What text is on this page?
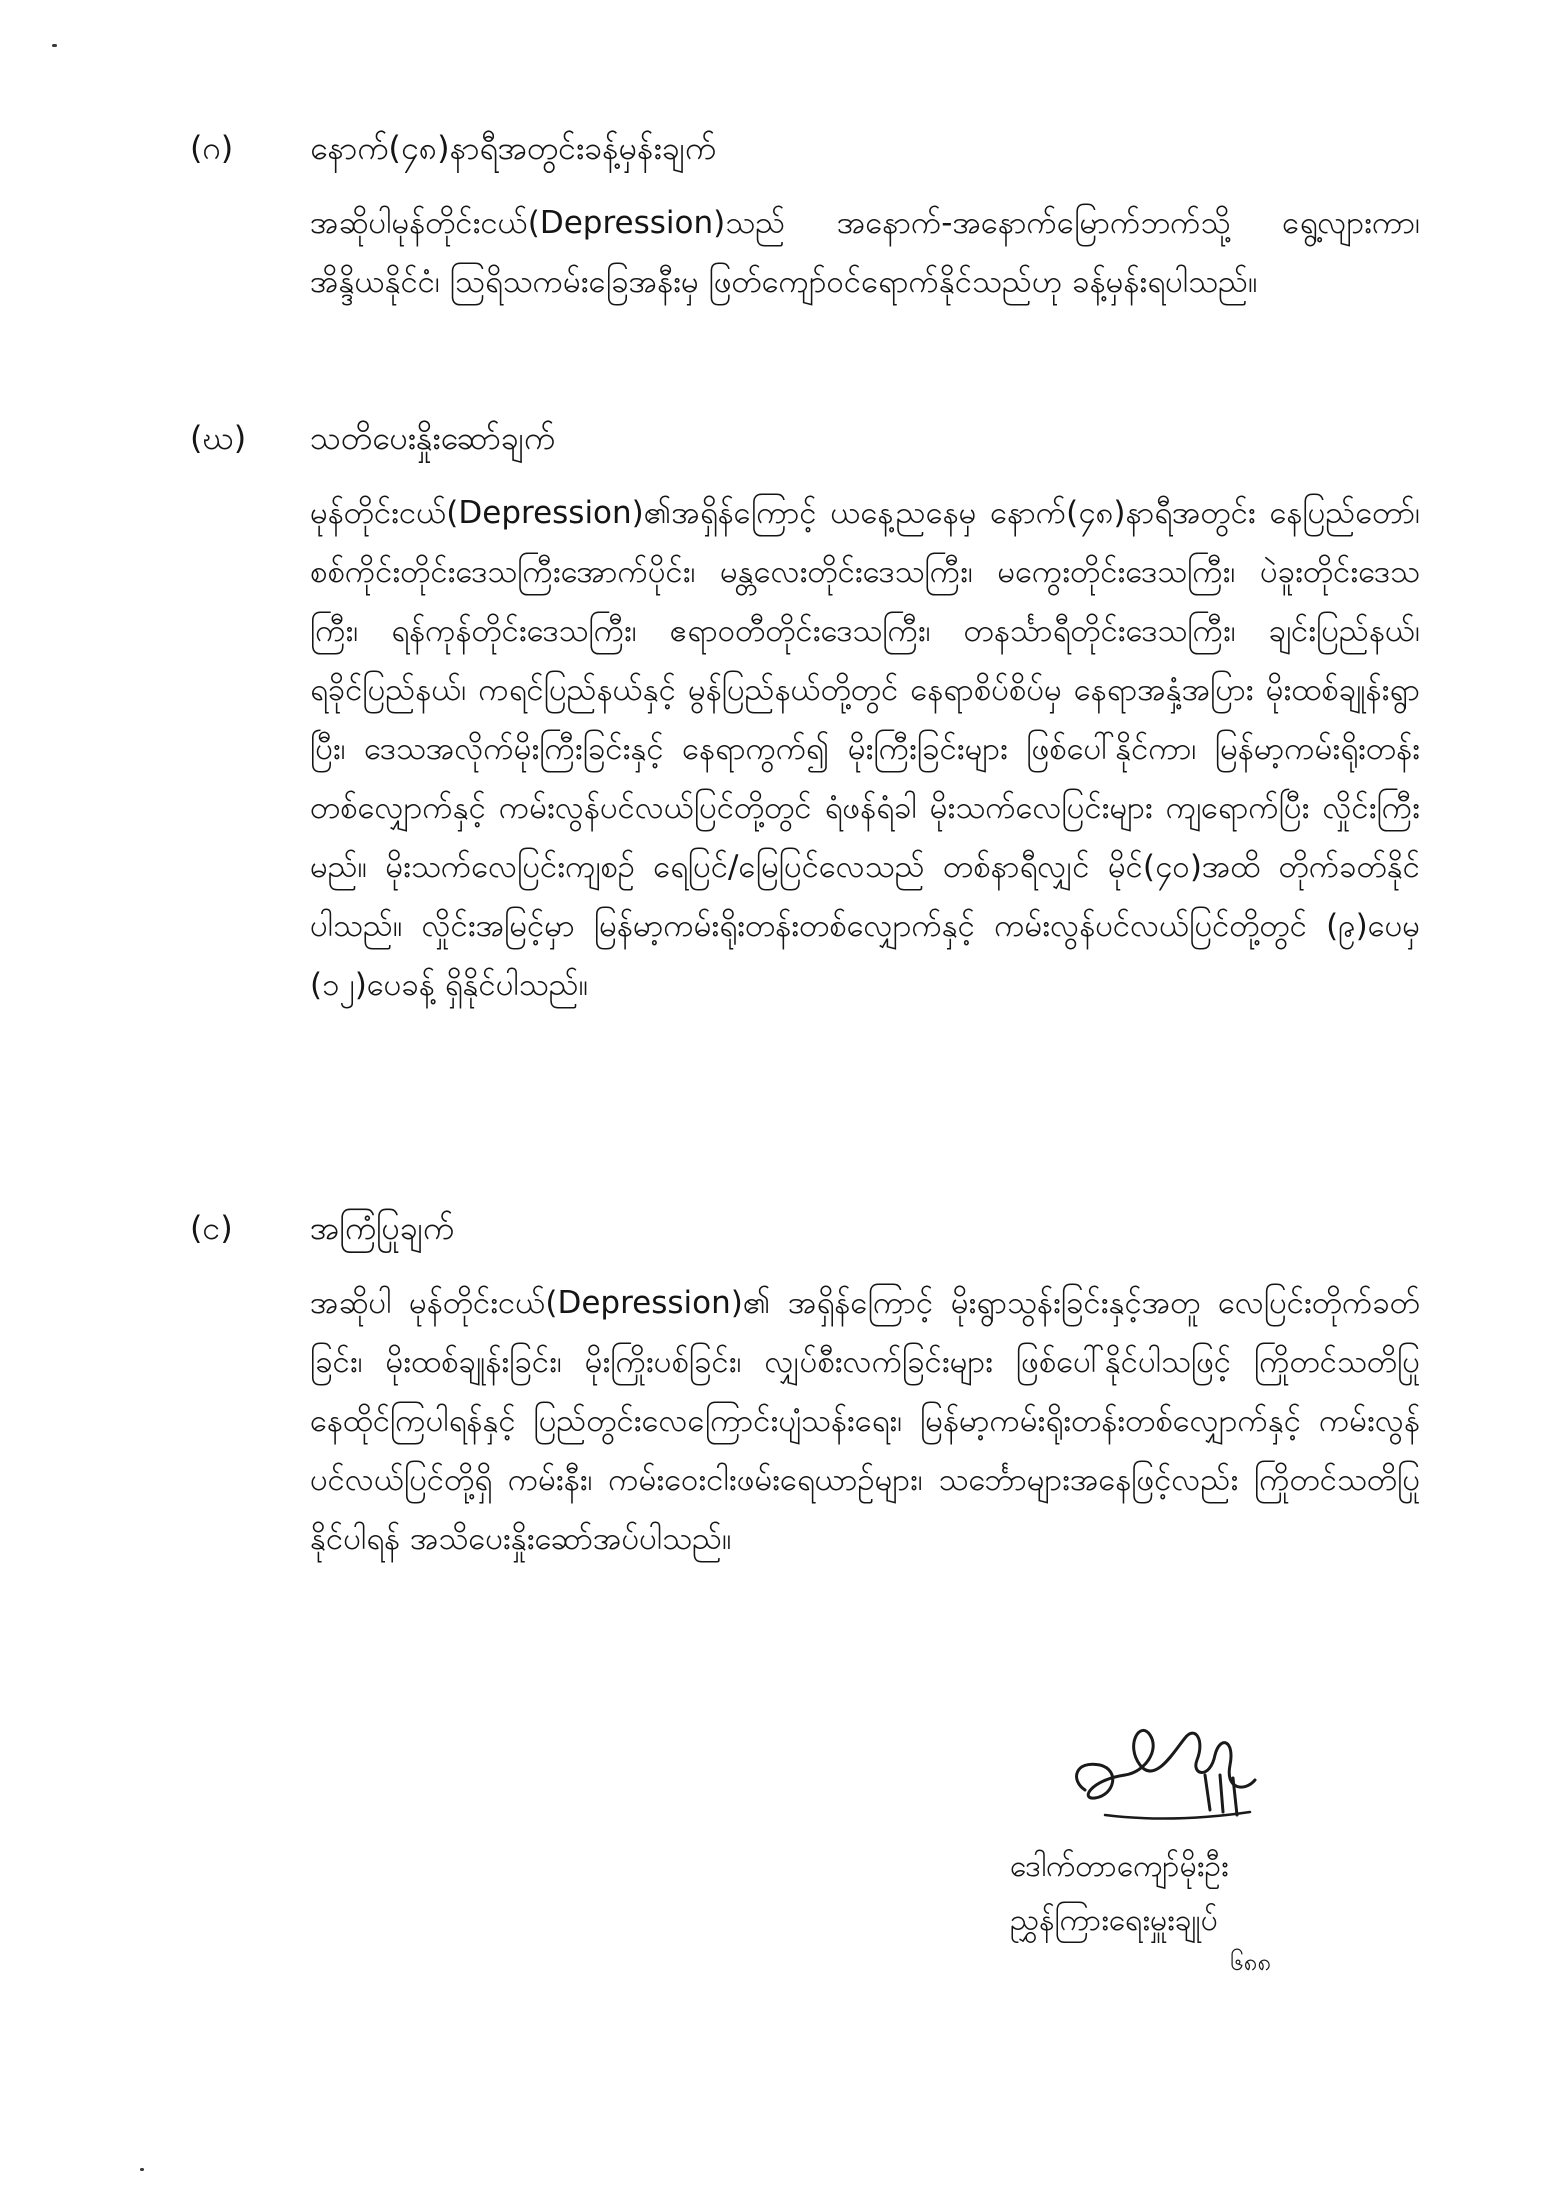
(ဂ)	နောက်(၄၈)နာရီအတွင်းခန့်မှန်းချက်
အဆိုပါမုန်တိုင်းငယ်(Depression)သည် အနောက်-အနောက်မြောက်ဘက်သို့ ရွေ့လျားကာ၊ အိန္ဒိယနိုင်ငံ၊ ဩရိသကမ်းခြေအနီးမှ ဖြတ်ကျော်ဝင်ရောက်နိုင်သည်ဟု ခန့်မှန်းရပါသည်။
(ဃ)	သတိပေးနှိုးဆော်ချက်
မုန်တိုင်းငယ်(Depression)၏အရှိန်ကြောင့် ယနေ့ညနေမှ နောက်(၄၈)နာရီအတွင်း နေပြည်တော်၊ စစ်ကိုင်းတိုင်းဒေသကြီးအောက်ပိုင်း၊ မန္တလေးတိုင်းဒေသကြီး၊ မကွေးတိုင်းဒေသကြီး၊ ပဲခူးတိုင်းဒေသကြီး၊ ရန်ကုန်တိုင်းဒေသကြီး၊ ဧရာဝတီတိုင်းဒေသကြီး၊ တနင်္သာရီတိုင်းဒေသကြီး၊ ချင်းပြည်နယ်၊ ရခိုင်ပြည်နယ်၊ ကရင်ပြည်နယ်နှင့် မွန်ပြည်နယ်တို့တွင် နေရာစိပ်စိပ်မှ နေရာအနှံ့အပြား မိုးထစ်ချုန်းရွာပြီး၊ ဒေသအလိုက်မိုးကြီးခြင်းနှင့် နေရာကွက်၍ မိုးကြီးခြင်းများ ဖြစ်ပေါ်နိုင်ကာ၊ မြန်မာ့ကမ်းရိုးတန်းတစ်လျှောက်နှင့် ကမ်းလွန်ပင်လယ်ပြင်တို့တွင် ရံဖန်ရံခါ မိုးသက်လေပြင်းများ ကျရောက်ပြီး လှိုင်းကြီးမည်။ မိုးသက်လေပြင်းကျစဉ် ရေပြင်/မြေပြင်လေသည် တစ်နာရီလျှင် မိုင်(၄၀)အထိ တိုက်ခတ်နိုင်ပါသည်။ လှိုင်းအမြင့်မှာ မြန်မာ့ကမ်းရိုးတန်းတစ်လျှောက်နှင့် ကမ်းလွန်ပင်လယ်ပြင်တို့တွင် (၉)ပေမှ (၁၂)ပေခန့် ရှိနိုင်ပါသည်။
(င)	အကြံပြုချက်
အဆိုပါ မုန်တိုင်းငယ်(Depression)၏ အရှိန်ကြောင့် မိုးရွာသွန်းခြင်းနှင့်အတူ လေပြင်းတိုက်ခတ်ခြင်း၊ မိုးထစ်ချုန်းခြင်း၊ မိုးကြိုးပစ်ခြင်း၊ လျှပ်စီးလက်ခြင်းများ ဖြစ်ပေါ်နိုင်ပါသဖြင့် ကြိုတင်သတိပြုနေထိုင်ကြပါရန်နှင့် ပြည်တွင်းလေကြောင်းပျံသန်းရေး၊ မြန်မာ့ကမ်းရိုးတန်းတစ်လျှောက်နှင့် ကမ်းလွန်ပင်လယ်ပြင်တို့ရှိ ကမ်းနီး၊ ကမ်းဝေးငါးဖမ်းရေယာဉ်များ၊ သင်္ဘောများအနေဖြင့်လည်း ကြိုတင်သတိပြုနိုင်ပါရန် အသိပေးနှိုးဆော်အပ်ပါသည်။
ဒေါက်တာကျော်မိုးဦး
ညွှန်ကြားရေးမှူးချုပ်
၆၈၈
